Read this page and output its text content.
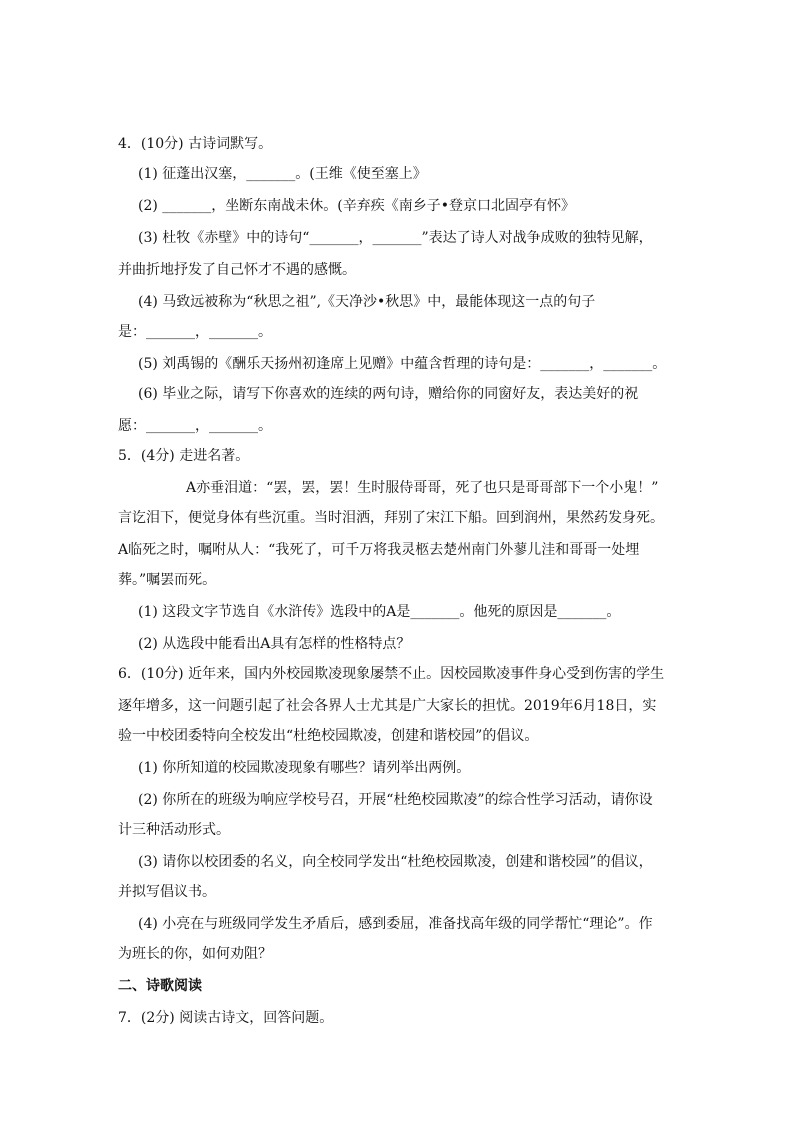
4．(10分) 古诗词默写。
(1) 征蓬出汉塞，_______。(王维《使至塞上》
(2) _______，坐断东南战未休。(辛弃疾《南乡子•登京口北固亭有怀》
(3) 杜牧《赤壁》中的诗句“_______，_______”表达了诗人对战争成败的独特见解，
并曲折地抒发了自己怀才不遇的感慨。
(4) 马致远被称为“秋思之祖”,《天净沙•秋思》中，最能体现这一点的句子
是：_______，_______。
(5) 刘禹锡的《酬乐天扬州初逢席上见赠》中蕴含哲理的诗句是：_______，_______。
(6) 毕业之际，请写下你喜欢的连续的两句诗，赠给你的同窗好友，表达美好的祝
愿：_______，_______。
5．(4分) 走进名著。
A亦垂泪道：“罢，罢，罢！生时服侍哥哥，死了也只是哥哥部下一个小鬼！”
言讫泪下，便觉身体有些沉重。当时泪洒，拜别了宋江下船。回到润州，果然药发身死。
A临死之时，嘱咐从人：“我死了，可千万将我灵柩去楚州南门外蓼儿洼和哥哥一处埋
葬。”嘱罢而死。
(1) 这段文字节选自《水浒传》选段中的A是_______。他死的原因是_______。
(2) 从选段中能看出A具有怎样的性格特点？
6．(10分) 近年来，国内外校园欺凌现象屡禁不止。因校园欺凌事件身心受到伤害的学生
逐年增多，这一问题引起了社会各界人士尤其是广大家长的担忧。2019年6月18日，实
验一中校团委特向全校发出“杜绝校园欺凌，创建和谐校园”的倡议。
(1) 你所知道的校园欺凌现象有哪些？请列举出两例。
(2) 你所在的班级为响应学校号召，开展“杜绝校园欺凌”的综合性学习活动，请你设
计三种活动形式。
(3) 请你以校团委的名义，向全校同学发出“杜绝校园欺凌，创建和谐校园”的倡议，
并拟写倡议书。
(4) 小亮在与班级同学发生矛盾后，感到委屈，准备找高年级的同学帮忙“理论”。作
为班长的你，如何劝阻？
二、诗歌阅读
7．(2分) 阅读古诗文，回答问题。
